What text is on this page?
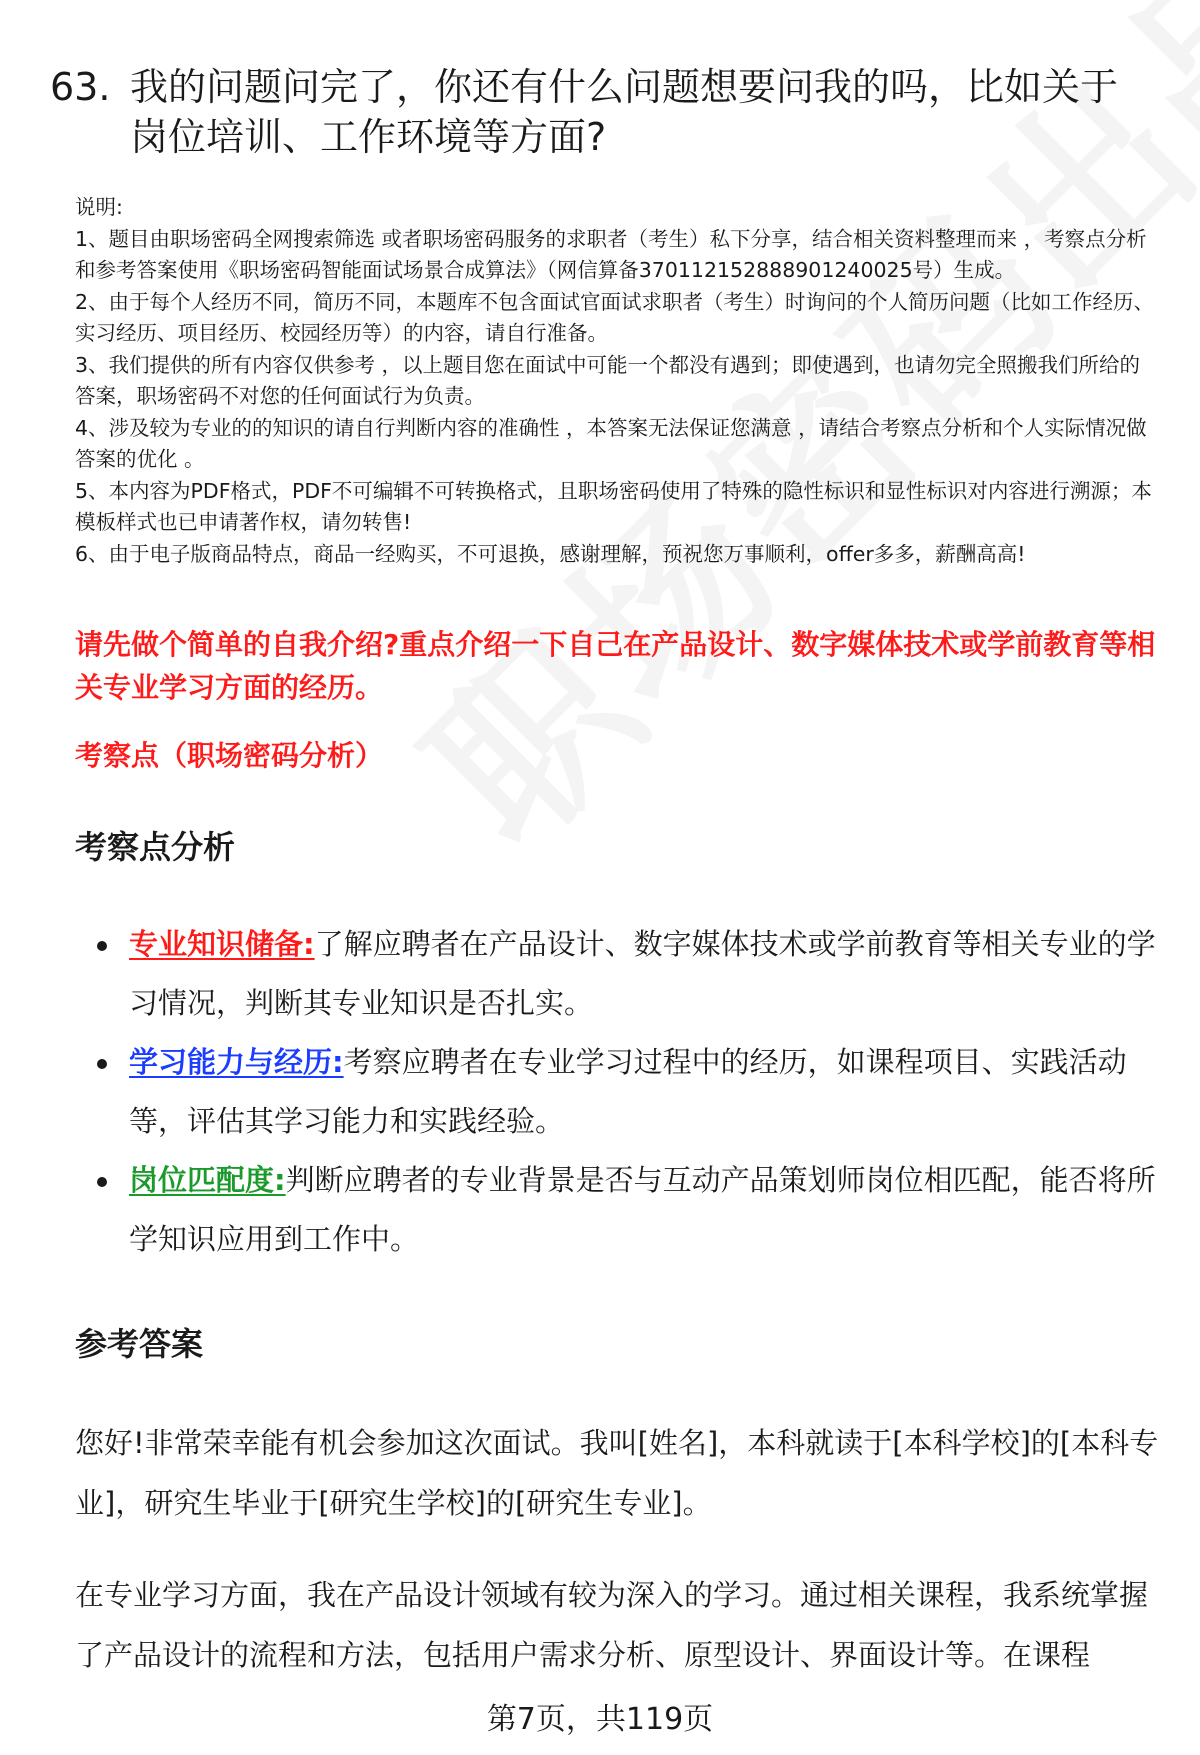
63. 我的问题问完了，你还有什么问题想要问我的吗，比如关于岗位培训、工作环境等方面?

说明:

1、题目由职场密码全网搜索筛选 或者职场密码服务的求职者（考生）私下分享，结合相关资料整理而来 ，考察点分析和参考答案使用《职场密码智能面试场景合成算法》（网信算备370112152888901240025号）生成。

2、由于每个人经历不同，简历不同，本题库不包含面试官面试求职者（考生）时询问的个人简历问题（比如工作经历、实习经历、项目经历、校园经历等）的内容，请自行准备。

3、我们提供的所有内容仅供参考 ，以上题目您在面试中可能一个都没有遇到；即使遇到，也请勿完全照搬我们所给的答案，职场密码不对您的任何面试行为负责。

4、涉及较为专业的的知识的请自行判断内容的准确性 ，本答案无法保证您满意 ，请结合考察点分析和个人实际情况做答案的优化 。

5、本内容为PDF格式，PDF不可编辑不可转换格式，且职场密码使用了特殊的隐性标识和显性标识对内容进行溯源；本模板样式也已申请著作权，请勿转售!

6、由于电子版商品特点，商品一经购买，不可退换，感谢理解，预祝您万事顺利，offer多多，薪酬高高!

请先做个简单的自我介绍?重点介绍一下自己在产品设计、数字媒体技术或学前教育等相关专业学习方面的经历。
考察点（职场密码分析）
考察点分析
专业知识储备:了解应聘者在产品设计、数字媒体技术或学前教育等相关专业的学习情况，判断其专业知识是否扎实。
学习能力与经历:考察应聘者在专业学习过程中的经历，如课程项目、实践活动等，评估其学习能力和实践经验。
岗位匹配度:判断应聘者的专业背景是否与互动产品策划师岗位相匹配，能否将所学知识应用到工作中。
参考答案

您好!非常荣幸能有机会参加这次面试。我叫[姓名]，本科就读于[本科学校]的[本科专业]，研究生毕业于[研究生学校]的[研究生专业]。

在专业学习方面，我在产品设计领域有较为深入的学习。通过相关课程，我系统掌握了产品设计的流程和方法，包括用户需求分析、原型设计、界面设计等。在课程

第7页，共119页
